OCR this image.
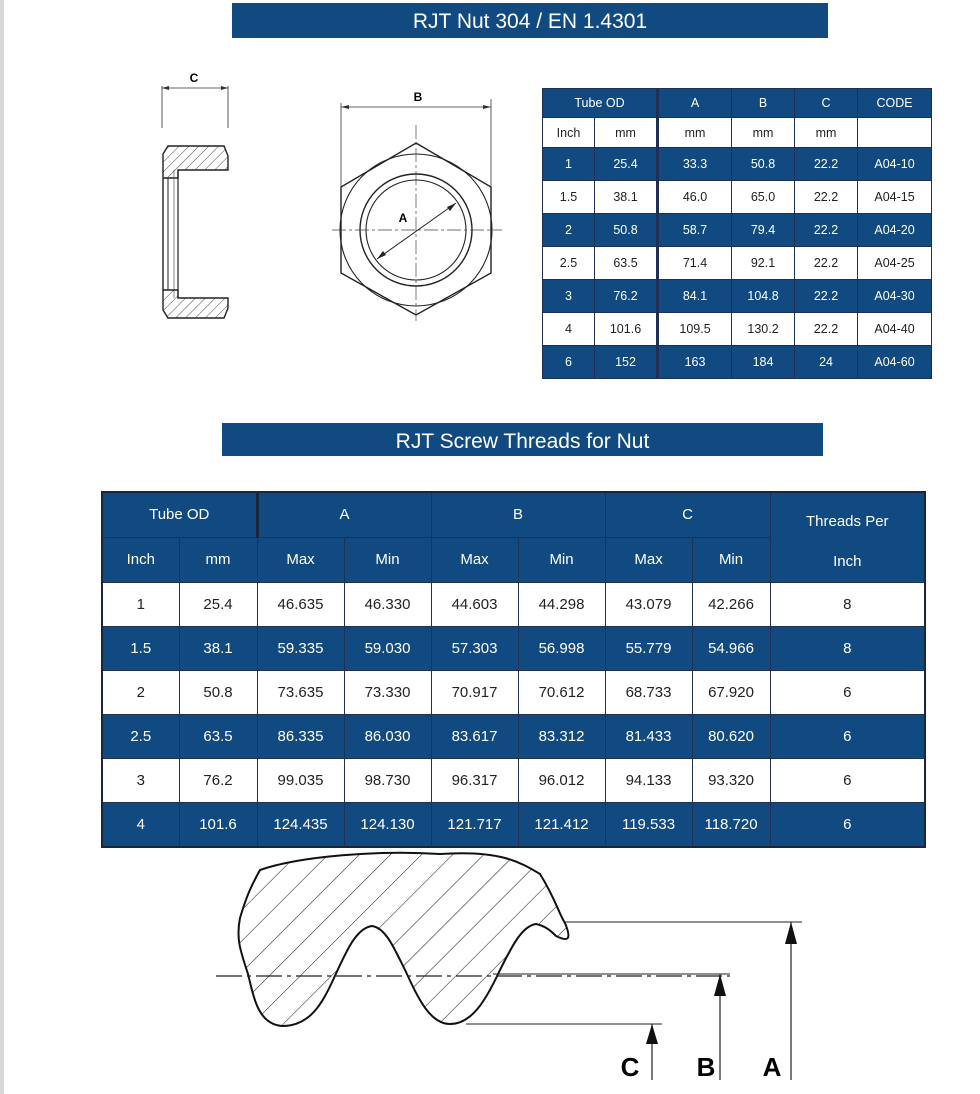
RJT Nut 304 / EN 1.4301
C
B
A
Tube OD		A	B	C	CODE
Inch	mm	mm	mm	mm	
1	25.4	33.3	50.8	22.2	A04-10
1.5	38.1	46.0	65.0	22.2	A04-15
2	50.8	58.7	79.4	22.2	A04-20
2.5	63.5	71.4	92.1	22.2	A04-25
3	76.2	84.1	104.8	22.2	A04-30
4	101.6	109.5	130.2	22.2	A04-40
6	152	163	184	24	A04-60
RJT Screw Threads for Nut
Tube OD		A		B		C		Threads Per
Inch

Inch	mm	Max	Min	Max	Min	Max	Min	
1	25.4	46.635	46.330	44.603	44.298	43.079	42.266	8
1.5	38.1	59.335	59.030	57.303	56.998	55.779	54.966	8
2	50.8	73.635	73.330	70.917	70.612	68.733	67.920	6
2.5	63.5	86.335	86.030	83.617	83.312	81.433	80.620	6
3	76.2	99.035	98.730	96.317	96.012	94.133	93.320	6
4	101.6	124.435	124.130	121.717	121.412	119.533	118.720	6
C B A
